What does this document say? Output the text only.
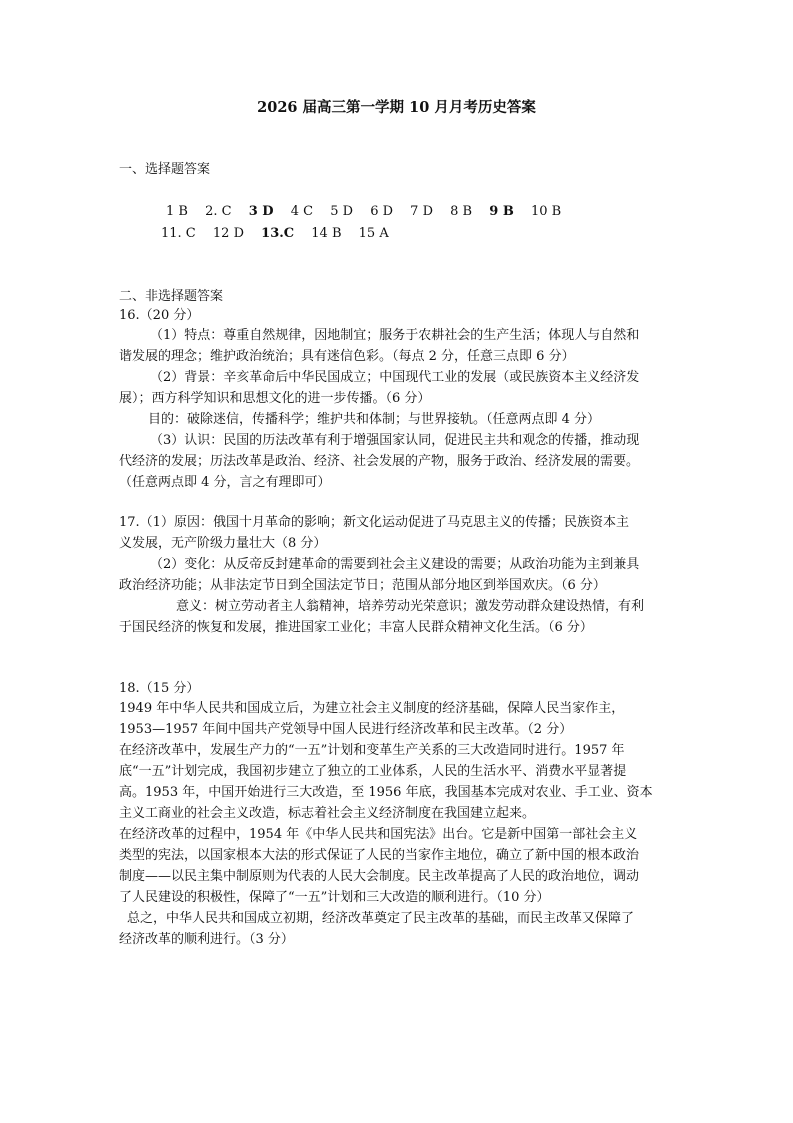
2026 届高三第一学期 10 月月考历史答案
一、选择题答案
1 B 2. C 3 D 4 C 5 D 6 D 7 D 8 B 9 B 10 B
11. C 12 D 13.C 14 B 15 A
二、非选择题答案
16.（20 分）
（1）特点：尊重自然规律，因地制宜；服务于农耕社会的生产生活；体现人与自然和
谐发展的理念；维护政治统治；具有迷信色彩。（每点 2 分，任意三点即 6 分）
（2）背景：辛亥革命后中华民国成立；中国现代工业的发展（或民族资本主义经济发
展）；西方科学知识和思想文化的进一步传播。（6 分）
目的：破除迷信，传播科学；维护共和体制；与世界接轨。（任意两点即 4 分）
（3）认识：民国的历法改革有利于增强国家认同，促进民主共和观念的传播，推动现
代经济的发展；历法改革是政治、经济、社会发展的产物，服务于政治、经济发展的需要。
（任意两点即 4 分，言之有理即可）
17.（1）原因：俄国十月革命的影响；新文化运动促进了马克思主义的传播；民族资本主
义发展，无产阶级力量壮大（8 分）
（2）变化：从反帝反封建革命的需要到社会主义建设的需要；从政治功能为主到兼具
政治经济功能；从非法定节日到全国法定节日；范围从部分地区到举国欢庆。（6 分）
意义：树立劳动者主人翁精神，培养劳动光荣意识；激发劳动群众建设热情，有利
于国民经济的恢复和发展，推进国家工业化；丰富人民群众精神文化生活。（6 分）
18.（15 分）
1949 年中华人民共和国成立后，为建立社会主义制度的经济基础，保障人民当家作主，
1953—1957 年间中国共产党领导中国人民进行经济改革和民主改革。（2 分）
在经济改革中，发展生产力的“一五”计划和变革生产关系的三大改造同时进行。1957 年
底“一五”计划完成，我国初步建立了独立的工业体系，人民的生活水平、消费水平显著提
高。1953 年，中国开始进行三大改造，至 1956 年底，我国基本完成对农业、手工业、资本
主义工商业的社会主义改造，标志着社会主义经济制度在我国建立起来。
在经济改革的过程中，1954 年《中华人民共和国宪法》出台。它是新中国第一部社会主义
类型的宪法，以国家根本大法的形式保证了人民的当家作主地位，确立了新中国的根本政治
制度——以民主集中制原则为代表的人民大会制度。民主改革提高了人民的政治地位，调动
了人民建设的积极性，保障了“一五”计划和三大改造的顺利进行。（10 分）
总之，中华人民共和国成立初期，经济改革奠定了民主改革的基础，而民主改革又保障了
经济改革的顺利进行。（3 分）
